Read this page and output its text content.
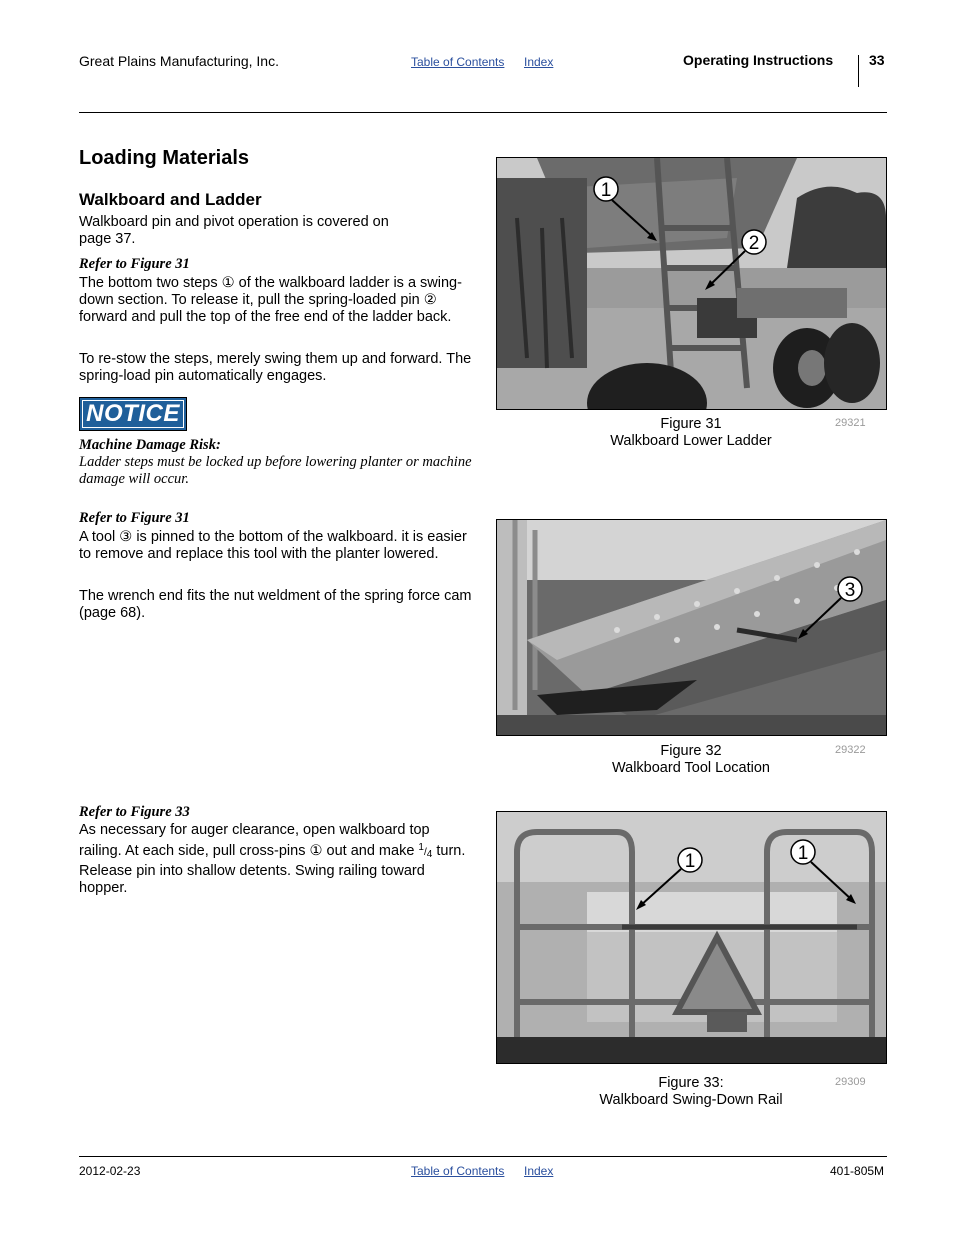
Great Plains Manufacturing, Inc.	Table of Contents Index	Operating Instructions	33
Loading Materials
Walkboard and Ladder

Walkboard pin and pivot operation is covered on page 37.

Refer to Figure 31

The bottom two steps ① of the walkboard ladder is a swing-down section. To release it, pull the spring-loaded pin ② forward and pull the top of the free end of the ladder back.

To re-stow the steps, merely swing them up and forward. The spring-load pin automatically engages.

NOTICE
Machine Damage Risk:
Ladder steps must be locked up before lowering planter or machine damage will occur.
Refer to Figure 31

A tool ③ is pinned to the bottom of the walkboard. it is easier to remove and replace this tool with the planter lowered.

The wrench end fits the nut weldment of the spring force cam (page 68).

Refer to Figure 33

As necessary for auger clearance, open walkboard top railing. At each side, pull cross-pins ① out and make $^1/_4$ turn. Release pin into shallow detents. Swing railing toward hopper.

1
2
Figure 31
Walkboard Lower Ladder
29321
3
Figure 32
Walkboard Tool Location
29322
1	1
Figure 33:
Walkboard Swing-Down Rail
29309
2012-02-23	Table of Contents Index	401-805M
